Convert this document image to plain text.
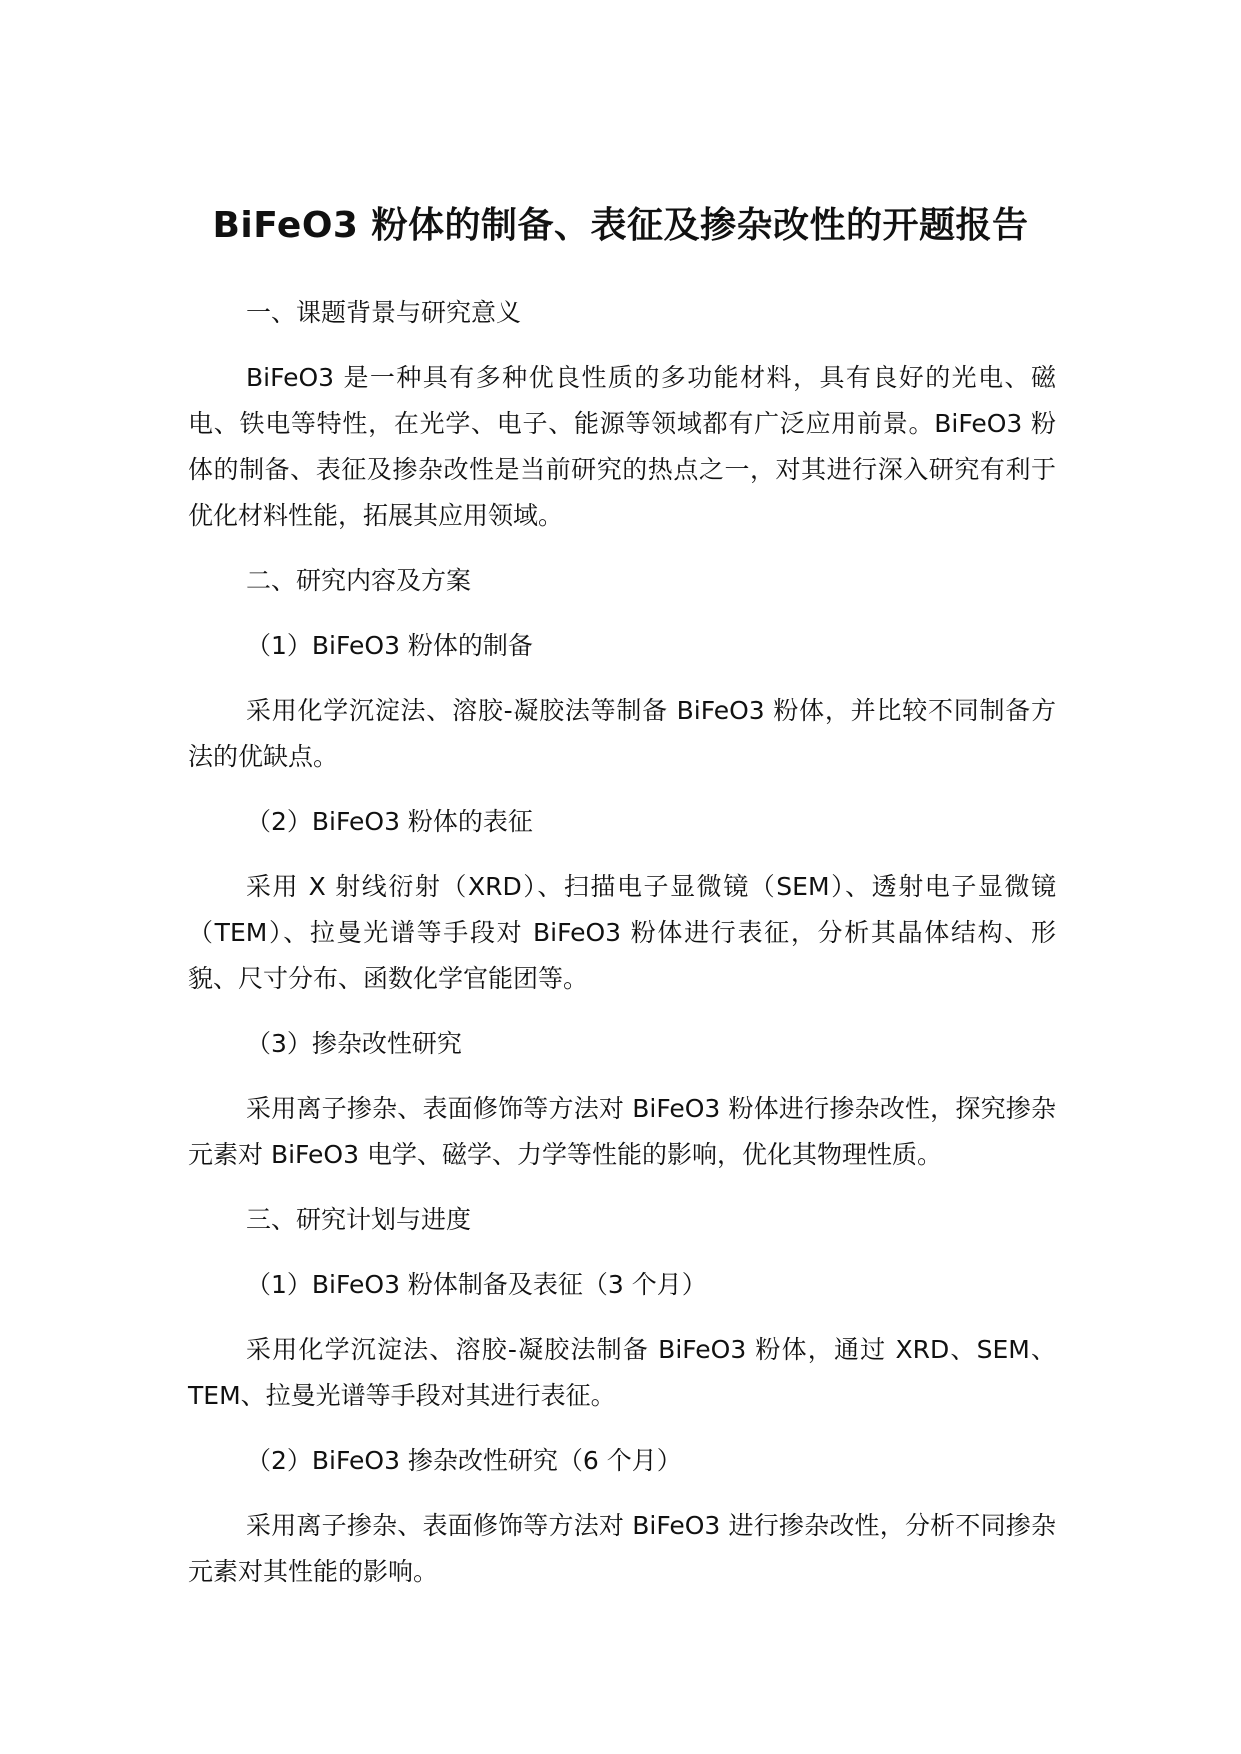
BiFeO3 粉体的制备、表征及掺杂改性的开题报告

一、课题背景与研究意义

BiFeO3 是一种具有多种优良性质的多功能材料，具有良好的光电、磁电、铁电等特性，在光学、电子、能源等领域都有广泛应用前景。BiFeO3 粉体的制备、表征及掺杂改性是当前研究的热点之一，对其进行深入研究有利于优化材料性能，拓展其应用领域。

二、研究内容及方案

（1）BiFeO3 粉体的制备

采用化学沉淀法、溶胶-凝胶法等制备 BiFeO3 粉体，并比较不同制备方法的优缺点。

（2）BiFeO3 粉体的表征

采用 X 射线衍射（XRD）、扫描电子显微镜（SEM）、透射电子显微镜（TEM）、拉曼光谱等手段对 BiFeO3 粉体进行表征，分析其晶体结构、形貌、尺寸分布、函数化学官能团等。

（3）掺杂改性研究

采用离子掺杂、表面修饰等方法对 BiFeO3 粉体进行掺杂改性，探究掺杂元素对 BiFeO3 电学、磁学、力学等性能的影响，优化其物理性质。

三、研究计划与进度

（1）BiFeO3 粉体制备及表征（3 个月）

采用化学沉淀法、溶胶-凝胶法制备 BiFeO3 粉体，通过 XRD、SEM、TEM、拉曼光谱等手段对其进行表征。

（2）BiFeO3 掺杂改性研究（6 个月）

采用离子掺杂、表面修饰等方法对 BiFeO3 进行掺杂改性，分析不同掺杂元素对其性能的影响。
